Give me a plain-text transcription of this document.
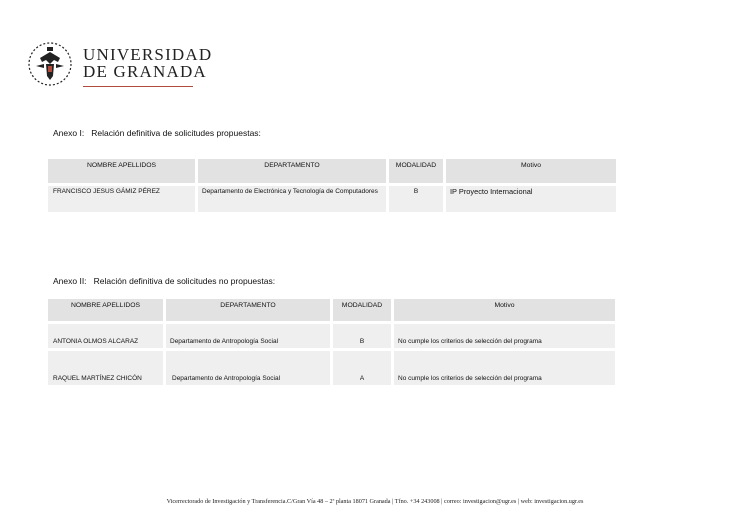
UNIVERSIDAD
DE GRANADA
Anexo I: Relación definitiva de solicitudes propuestas:
NOMBRE APELLIDOS	DEPARTAMENTO	MODALIDAD	Motivo
FRANCISCO JESUS GÁMIZ PÉREZ	Departamento de Electrónica y Tecnología de Computadores	B	IP Proyecto Internacional
Anexo II: Relación definitiva de solicitudes no propuestas:
NOMBRE APELLIDOS	DEPARTAMENTO	MODALIDAD	Motivo
ANTONIA OLMOS ALCARAZ	Departamento de Antropología Social	B	No cumple los criterios de selección del programa
RAQUEL MARTÍNEZ CHICÓN	Departamento de Antropología Social	A	No cumple los criterios de selección del programa
Vicerrectorado de Investigación y Transferencia.C/Gran Vía 48 – 2ª planta 18071 Granada | Tfno. +34 243008 | correo: investigacion@ugr.es | web: investigacion.ugr.es
